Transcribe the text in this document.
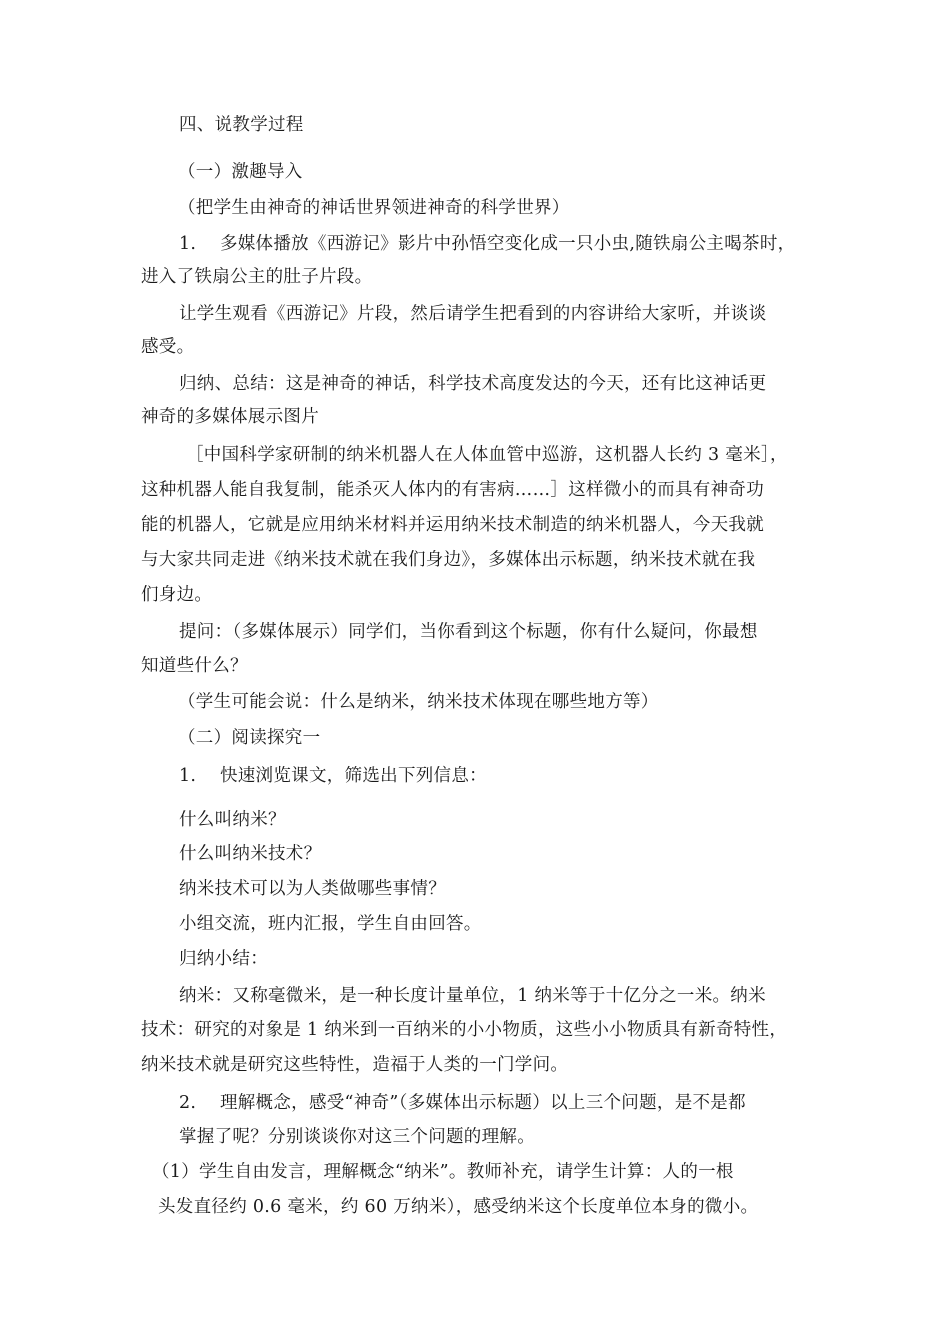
四、说教学过程

（一）激趣导入

（把学生由神奇的神话世界领进神奇的科学世界）

1.　 多媒体播放《西游记》影片中孙悟空变化成一只小虫,随铁扇公主喝茶时，

进入了铁扇公主的肚子片段。

让学生观看《西游记》片段，然后请学生把看到的内容讲给大家听，并谈谈

感受。

归纳、总结：这是神奇的神话，科学技术高度发达的今天，还有比这神话更

神奇的多媒体展示图片

［中国科学家研制的纳米机器人在人体血管中巡游，这机器人长约 3 毫米］，

这种机器人能自我复制，能杀灭人体内的有害病……］这样微小的而具有神奇功

能的机器人，它就是应用纳米材料并运用纳米技术制造的纳米机器人，今天我就

与大家共同走进《纳米技术就在我们身边》，多媒体出示标题，纳米技术就在我

们身边。

提问：（多媒体展示）同学们，当你看到这个标题，你有什么疑问，你最想

知道些什么？

（学生可能会说：什么是纳米，纳米技术体现在哪些地方等）

（二）阅读探究一

1.　 快速浏览课文，筛选出下列信息：

什么叫纳米？

什么叫纳米技术？

纳米技术可以为人类做哪些事情？

小组交流，班内汇报，学生自由回答。

归纳小结：

纳米：又称毫微米，是一种长度计量单位，1 纳米等于十亿分之一米。纳米

技术：研究的对象是 1 纳米到一百纳米的小小物质，这些小小物质具有新奇特性，

纳米技术就是研究这些特性，造福于人类的一门学问。

2.　 理解概念，感受“神奇”（多媒体出示标题）以上三个问题，是不是都

掌握了呢？分别谈谈你对这三个问题的理解。

（1）学生自由发言，理解概念“纳米”。教师补充，请学生计算：人的一根

头发直径约 0.6 毫米，约 60 万纳米），感受纳米这个长度单位本身的微小。
